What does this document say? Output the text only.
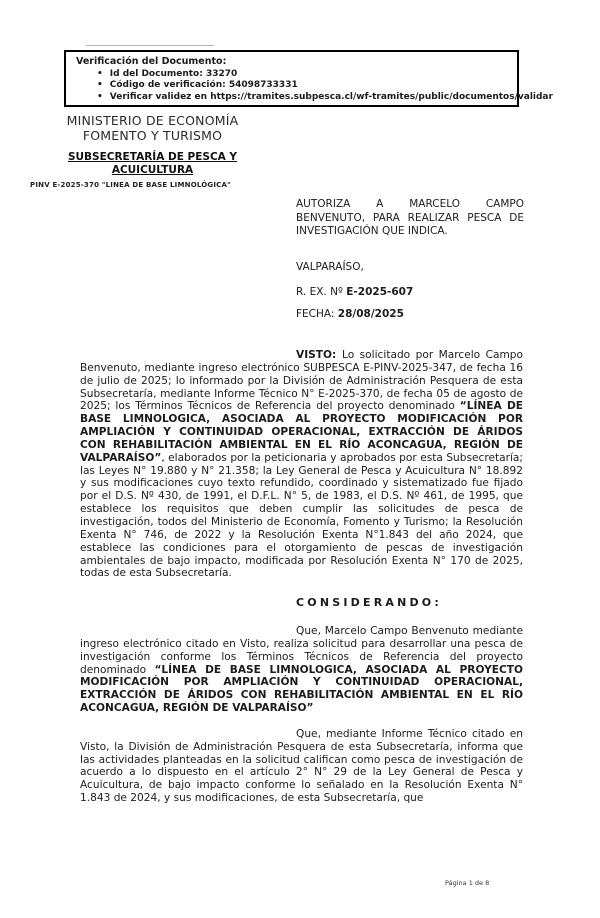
Verificación del Documento:
• Id del Documento: 33270
• Código de verificación: 54098733331
• Verificar validez en https://tramites.subpesca.cl/wf-tramites/public/documentos/validar
MINISTERIO DE ECONOMÍA
FOMENTO Y TURISMO
SUBSECRETARÍA DE PESCA Y
ACUICULTURA
PINV E-2025-370 "LINEA DE BASE LIMNOLÓGICA"
AUTORIZA A MARCELO CAMPO BENVENUTO, PARA REALIZAR PESCA DE INVESTIGACIÓN QUE INDICA.
VALPARAÍSO,
R. EX. Nº E-2025-607
FECHA: 28/08/2025

VISTO: Lo solicitado por Marcelo Campo Benvenuto, mediante ingreso electrónico SUBPESCA E-PINV-2025-347, de fecha 16 de julio de 2025; lo informado por la División de Administración Pesquera de esta Subsecretaría, mediante Informe Técnico N° E-2025-370, de fecha 05 de agosto de 2025; los Términos Técnicos de Referencia del proyecto denominado “LÍNEA DE BASE LIMNOLOGICA, ASOCIADA AL PROYECTO MODIFICACIÓN POR AMPLIACIÓN Y CONTINUIDAD OPERACIONAL, EXTRACCIÓN DE ÁRIDOS CON REHABILITACIÓN AMBIENTAL EN EL RÍO ACONCAGUA, REGIÓN DE VALPARAÍSO”, elaborados por la peticionaria y aprobados por esta Subsecretaría; las Leyes N° 19.880 y N° 21.358; la Ley General de Pesca y Acuicultura N° 18.892 y sus modificaciones cuyo texto refundido, coordinado y sistematizado fue fijado por el D.S. Nº 430, de 1991, el D.F.L. N° 5, de 1983, el D.S. Nº 461, de 1995, que establece los requisitos que deben cumplir las solicitudes de pesca de investigación, todos del Ministerio de Economía, Fomento y Turismo; la Resolución Exenta N° 746, de 2022 y la Resolución Exenta N°1.843 del año 2024, que establece las condiciones para el otorgamiento de pescas de investigación ambientales de bajo impacto, modificada por Resolución Exenta N° 170 de 2025, todas de esta Subsecretaría.

CONSIDERANDO:

Que, Marcelo Campo Benvenuto mediante ingreso electrónico citado en Visto, realiza solicitud para desarrollar una pesca de investigación conforme los Términos Técnicos de Referencia del proyecto denominado “LÍNEA DE BASE LIMNOLOGICA, ASOCIADA AL PROYECTO MODIFICACIÓN POR AMPLIACIÓN Y CONTINUIDAD OPERACIONAL, EXTRACCIÓN DE ÁRIDOS CON REHABILITACIÓN AMBIENTAL EN EL RÍO ACONCAGUA, REGIÓN DE VALPARAÍSO”

Que, mediante Informe Técnico citado en Visto, la División de Administración Pesquera de esta Subsecretaría, informa que las actividades planteadas en la solicitud califican como pesca de investigación de acuerdo a lo dispuesto en el artículo 2° N° 29 de la Ley General de Pesca y Acuicultura, de bajo impacto conforme lo señalado en la Resolución Exenta N° 1.843 de 2024, y sus modificaciones, de esta Subsecretaría, que

Página 1 de 8
